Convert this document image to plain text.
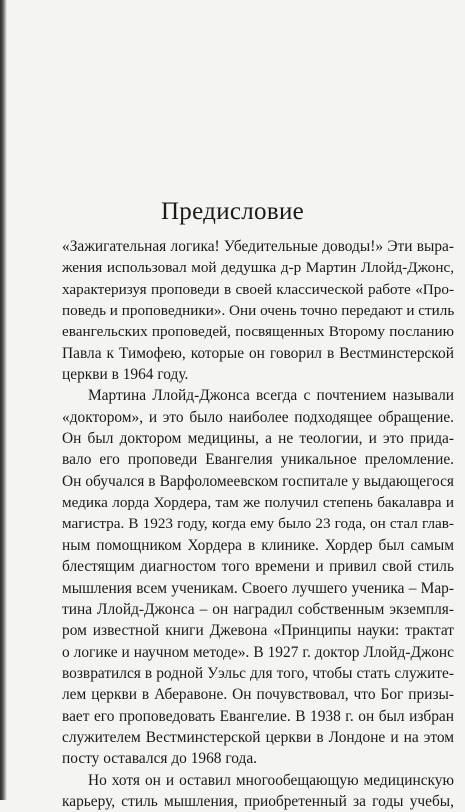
Предисловие
«Зажигательная логика! Убедительные доводы!» Эти выра-
жения использовал мой дедушка д-р Мартин Ллойд-Джонс,
характеризуя проповеди в своей классической работе «Про-
поведь и проповедники». Они очень точно передают и стиль
евангельских проповедей, посвященных Второму посланию
Павла к Тимофею, которые он говорил в Вестминстерской
церкви в 1964 году.
Мартина Ллойд-Джонса всегда с почтением называли
«доктором», и это было наиболее подходящее обращение.
Он был доктором медицины, а не теологии, и это прида-
вало его проповеди Евангелия уникальное преломление.
Он обучался в Варфоломеевском госпитале у выдающегося
медика лорда Хордера, там же получил степень бакалавра и
магистра. В 1923 году, когда ему было 23 года, он стал глав-
ным помощником Хордера в клинике. Хордер был самым
блестящим диагностом того времени и привил свой стиль
мышления всем ученикам. Своего лучшего ученика – Мар-
тина Ллойд-Джонса – он наградил собственным экземпля-
ром известной книги Джевона «Принципы науки: трактат
о логике и научном методе». В 1927 г. доктор Ллойд-Джонс
возвратился в родной Уэльс для того, чтобы стать служите-
лем церкви в Аберавоне. Он почувствовал, что Бог призы-
вает его проповедовать Евангелие. В 1938 г. он был избран
служителем Вестминстерской церкви в Лондоне и на этом
посту оставался до 1968 года.
Но хотя он и оставил многообещающую медицинскую
карьеру, стиль мышления, приобретенный за годы учебы,
